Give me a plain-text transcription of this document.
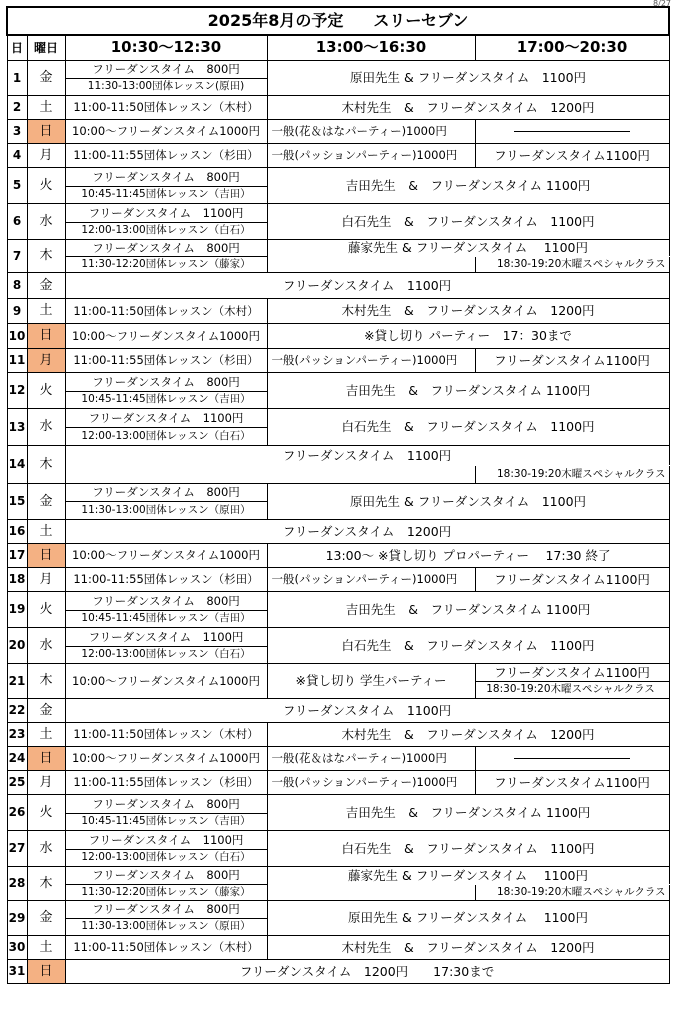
8/27
2025年8月の予定 スリーセブン				
日	曜日	10:30〜12:30	13:00〜16:30	17:00〜20:30
1	金	フリーダンスタイム　800円	原田先生 & フリーダンスタイム　1100円	
		11:30-13:00団体レッスン(原田)		
2	土	11:00-11:50団体レッスン（木村）	木村先生　&　フリーダンスタイム　1200円	
3	日	10:00〜フリーダンスタイム1000円	一般(花＆はなパーティー)1000円	
4	月	11:00-11:55団体レッスン（杉田）	一般(パッションパーティー)1000円	フリーダンスタイム1100円
5	火	フリーダンスタイム　800円	吉田先生　&　フリーダンスタイム 1100円	
		10:45-11:45団体レッスン（吉田）		
6	水	フリーダンスタイム　1100円	白石先生　&　フリーダンスタイム　1100円	
		12:00-13:00団体レッスン（白石）		
7	木	フリーダンスタイム　800円	藤家先生 & フリーダンスタイム　 1100円	
		11:30-12:20団体レッスン（藤家）		18:30-19:20木曜スペシャルクラス
8	金	フリーダンスタイム　1100円		
9	土	11:00-11:50団体レッスン（木村）	木村先生　&　フリーダンスタイム　1200円	
10	日	10:00〜フリーダンスタイム1000円	※貸し切り パーティー　17：30まで	
11	月	11:00-11:55団体レッスン（杉田）	一般(パッションパーティー)1000円	フリーダンスタイム1100円
12	火	フリーダンスタイム　800円	吉田先生　&　フリーダンスタイム 1100円	
		10:45-11:45団体レッスン（吉田）		
13	水	フリーダンスタイム　1100円	白石先生　&　フリーダンスタイム　1100円	
		12:00-13:00団体レッスン（白石）		
14	木	フリーダンスタイム　1100円		
				18:30-19:20木曜スペシャルクラス
15	金	フリーダンスタイム　800円	原田先生 & フリーダンスタイム　1100円	
		11:30-13:00団体レッスン（原田）		
16	土	フリーダンスタイム　1200円		
17	日	10:00〜フリーダンスタイム1000円	13:00〜 ※貸し切り プロパーティー　 17:30 終了	
18	月	11:00-11:55団体レッスン（杉田）	一般(パッションパーティー)1000円	フリーダンスタイム1100円
19	火	フリーダンスタイム　800円	吉田先生　&　フリーダンスタイム 1100円	
		10:45-11:45団体レッスン（吉田）		
20	水	フリーダンスタイム　1100円	白石先生　&　フリーダンスタイム　1100円	
		12:00-13:00団体レッスン（白石）		
21	木	10:00〜フリーダンスタイム1000円	※貸し切り 学生パーティー	フリーダンスタイム1100円
				18:30-19:20木曜スペシャルクラス
22	金	フリーダンスタイム　1100円		
23	土	11:00-11:50団体レッスン（木村）	木村先生　&　フリーダンスタイム　1200円	
24	日	10:00〜フリーダンスタイム1000円	一般(花＆はなパーティー)1000円	
25	月	11:00-11:55団体レッスン（杉田）	一般(パッションパーティー)1000円	フリーダンスタイム1100円
26	火	フリーダンスタイム　800円	吉田先生　&　フリーダンスタイム 1100円	
		10:45-11:45団体レッスン（吉田）		
27	水	フリーダンスタイム　1100円	白石先生　&　フリーダンスタイム　1100円	
		12:00-13:00団体レッスン（白石）		
28	木	フリーダンスタイム　800円	藤家先生 & フリーダンスタイム　 1100円	
		11:30-12:20団体レッスン（藤家）		18:30-19:20木曜スペシャルクラス
29	金	フリーダンスタイム　800円	原田先生 & フリーダンスタイム　 1100円	
		11:30-13:00団体レッスン（原田）		
30	土	11:00-11:50団体レッスン（木村）	木村先生　&　フリーダンスタイム　1200円	
31	日	フリーダンスタイム　1200円　　17:30まで		
